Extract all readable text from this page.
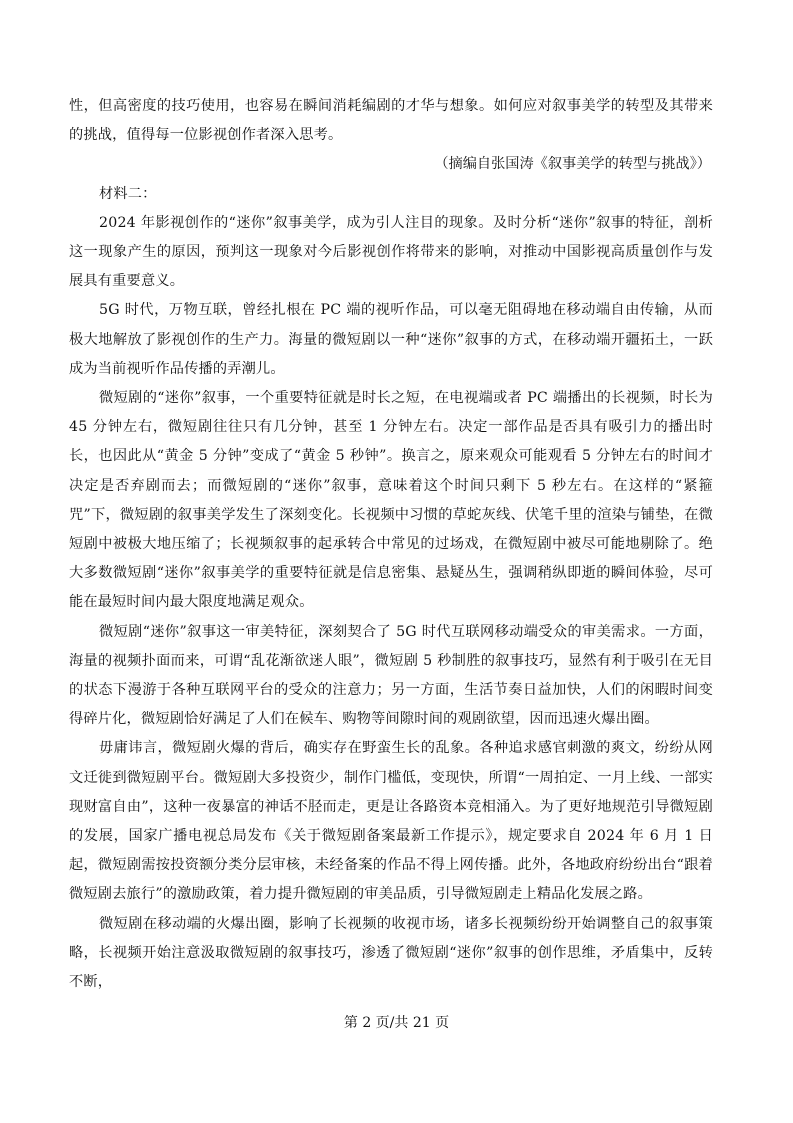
性，但高密度的技巧使用，也容易在瞬间消耗编剧的才华与想象。如何应对叙事美学的转型及其带来的挑战，值得每一位影视创作者深入思考。

（摘编自张国涛《叙事美学的转型与挑战》）

材料二：

2024 年影视创作的“迷你”叙事美学，成为引人注目的现象。及时分析“迷你”叙事的特征，剖析这一现象产生的原因，预判这一现象对今后影视创作将带来的影响，对推动中国影视高质量创作与发展具有重要意义。

5G 时代，万物互联，曾经扎根在 PC 端的视听作品，可以毫无阻碍地在移动端自由传输，从而极大地解放了影视创作的生产力。海量的微短剧以一种“迷你”叙事的方式，在移动端开疆拓土，一跃成为当前视听作品传播的弄潮儿。

微短剧的“迷你”叙事，一个重要特征就是时长之短，在电视端或者 PC 端播出的长视频，时长为 45 分钟左右，微短剧往往只有几分钟，甚至 1 分钟左右。决定一部作品是否具有吸引力的播出时长，也因此从“黄金 5 分钟”变成了“黄金 5 秒钟”。换言之，原来观众可能观看 5 分钟左右的时间才决定是否弃剧而去；而微短剧的“迷你”叙事，意味着这个时间只剩下 5 秒左右。在这样的“紧箍咒”下，微短剧的叙事美学发生了深刻变化。长视频中习惯的草蛇灰线、伏笔千里的渲染与铺垫，在微短剧中被极大地压缩了；长视频叙事的起承转合中常见的过场戏，在微短剧中被尽可能地剔除了。绝大多数微短剧“迷你”叙事美学的重要特征就是信息密集、悬疑丛生，强调稍纵即逝的瞬间体验，尽可能在最短时间内最大限度地满足观众。

微短剧“迷你”叙事这一审美特征，深刻契合了 5G 时代互联网移动端受众的审美需求。一方面，海量的视频扑面而来，可谓“乱花渐欲迷人眼”，微短剧 5 秒制胜的叙事技巧，显然有利于吸引在无目的状态下漫游于各种互联网平台的受众的注意力；另一方面，生活节奏日益加快，人们的闲暇时间变得碎片化，微短剧恰好满足了人们在候车、购物等间隙时间的观剧欲望，因而迅速火爆出圈。

毋庸讳言，微短剧火爆的背后，确实存在野蛮生长的乱象。各种追求感官刺激的爽文，纷纷从网文迁徙到微短剧平台。微短剧大多投资少，制作门槛低，变现快，所谓“一周拍定、一月上线、一部实现财富自由”，这种一夜暴富的神话不胫而走，更是让各路资本竞相涌入。为了更好地规范引导微短剧的发展，国家广播电视总局发布《关于微短剧备案最新工作提示》，规定要求自 2024 年 6 月 1 日起，微短剧需按投资额分类分层审核，未经备案的作品不得上网传播。此外，各地政府纷纷出台“跟着微短剧去旅行”的激励政策，着力提升微短剧的审美品质，引导微短剧走上精品化发展之路。

微短剧在移动端的火爆出圈，影响了长视频的收视市场，诸多长视频纷纷开始调整自己的叙事策略，长视频开始注意汲取微短剧的叙事技巧，渗透了微短剧“迷你”叙事的创作思维，矛盾集中，反转不断，

第 2 页/共 21 页
